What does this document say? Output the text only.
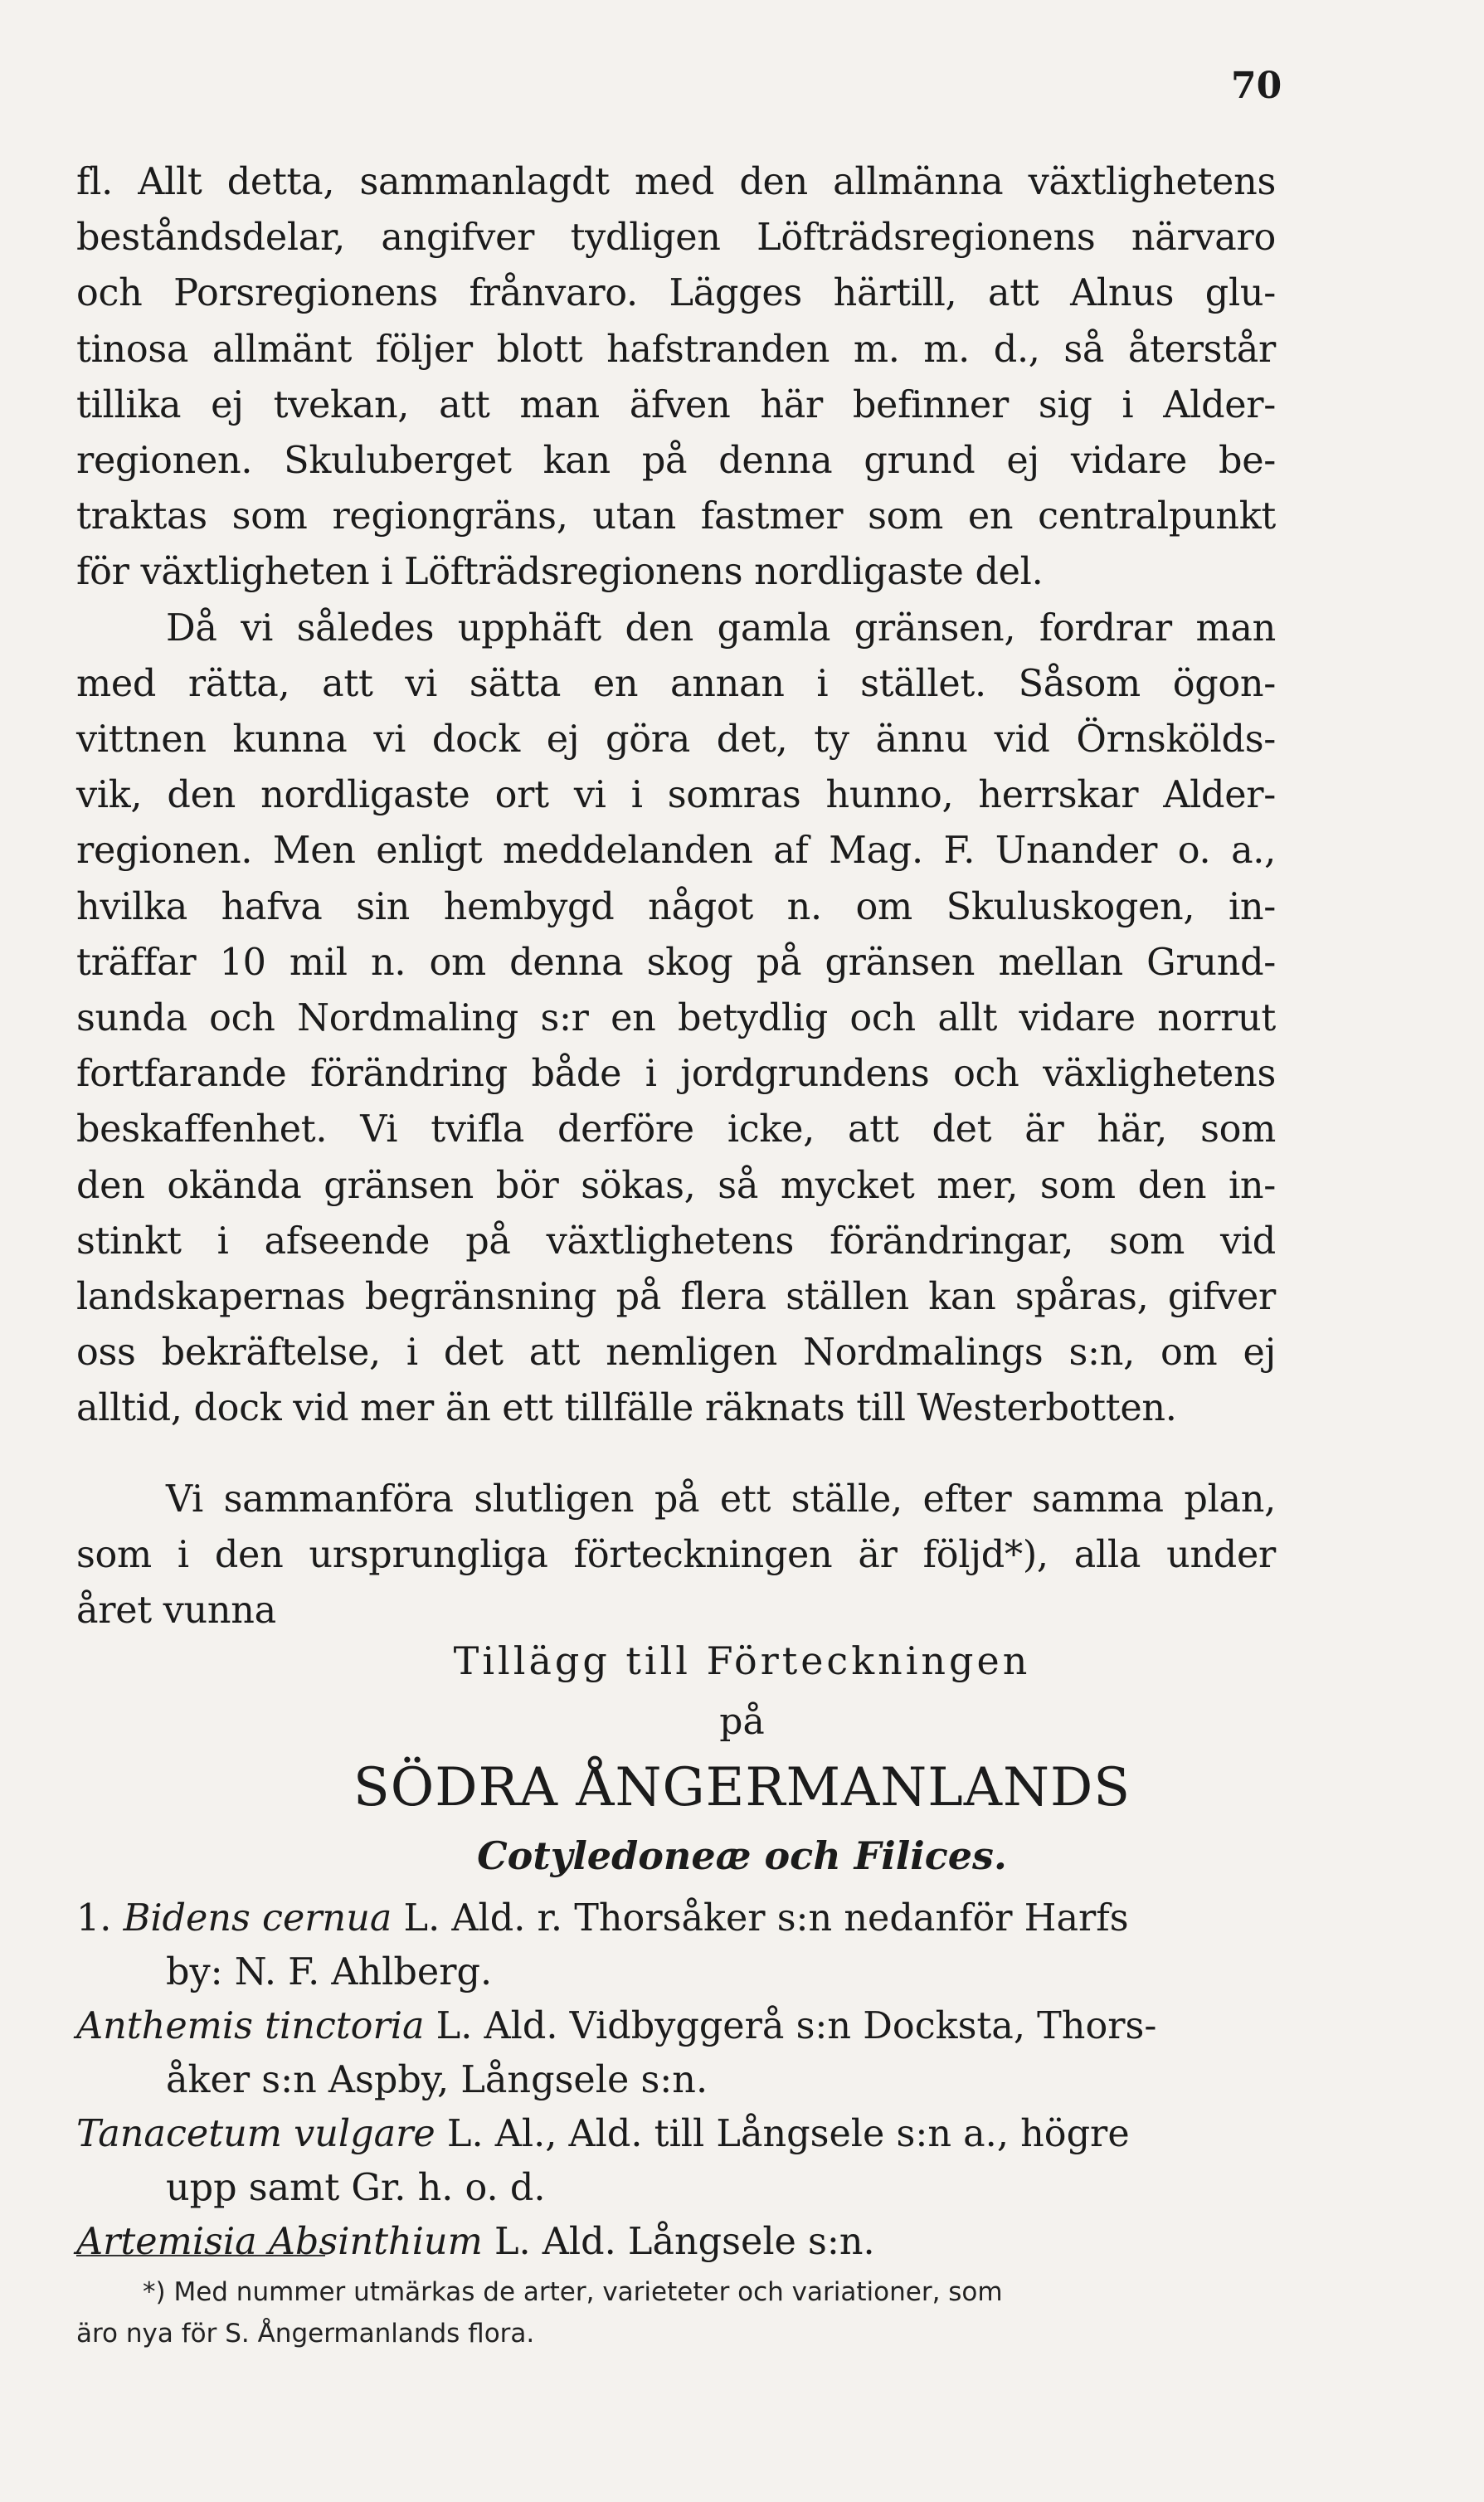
70
fl. Allt detta, sammanlagdt med den allmänna växtlighetens
beståndsdelar, angifver tydligen Löfträdsregionens närvaro
och Porsregionens frånvaro. Lägges härtill, att Alnus glu-
tinosa allmänt följer blott hafstranden m. m. d., så återstår
tillika ej tvekan, att man äfven här befinner sig i Alder-
regionen. Skuluberget kan på denna grund ej vidare be-
traktas som regiongräns, utan fastmer som en centralpunkt
för växtligheten i Löfträdsregionens nordligaste del.
Då vi således upphäft den gamla gränsen, fordrar man
med rätta, att vi sätta en annan i stället. Såsom ögon-
vittnen kunna vi dock ej göra det, ty ännu vid Örnskölds-
vik, den nordligaste ort vi i somras hunno, herrskar Alder-
regionen. Men enligt meddelanden af Mag. F. Unander o. a.,
hvilka hafva sin hembygd något n. om Skuluskogen, in-
träffar 10 mil n. om denna skog på gränsen mellan Grund-
sunda och Nordmaling s:r en betydlig och allt vidare norrut
fortfarande förändring både i jordgrundens och växlighetens
beskaffenhet. Vi tvifla derföre icke, att det är här, som
den okända gränsen bör sökas, så mycket mer, som den in-
stinkt i afseende på växtlighetens förändringar, som vid
landskapernas begränsning på flera ställen kan spåras, gifver
oss bekräftelse, i det att nemligen Nordmalings s:n, om ej
alltid, dock vid mer än ett tillfälle räknats till Westerbotten.
Vi sammanföra slutligen på ett ställe, efter samma plan,
som i den ursprungliga förteckningen är följd*), alla under
året vunna
Tillägg till Förteckningen
på
SÖDRA ÅNGERMANLANDS
Cotyledoneæ och Filices.
1. Bidens cernua L. Ald. r. Thorsåker s:n nedanför Harfs
by: N. F. Ahlberg.
Anthemis tinctoria L. Ald. Vidbyggerå s:n Docksta, Thors-
åker s:n Aspby, Långsele s:n.
Tanacetum vulgare L. Al., Ald. till Långsele s:n a., högre
upp samt Gr. h. o. d.
Artemisia Absinthium L. Ald. Långsele s:n.
*) Med nummer utmärkas de arter, varieteter och variationer, som
äro nya för S. Ångermanlands flora.
